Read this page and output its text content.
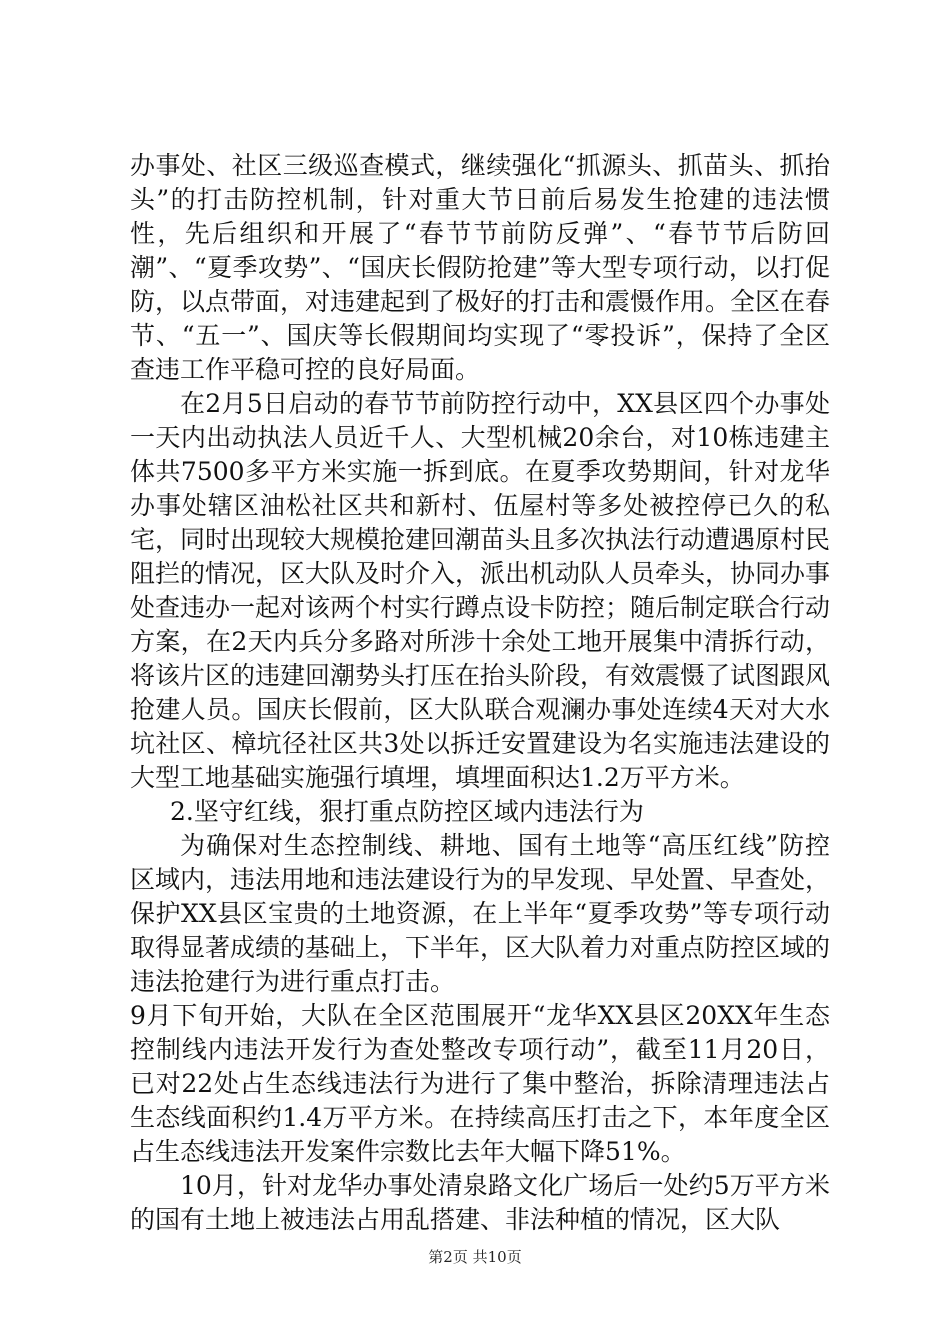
办事处、社区三级巡查模式，继续强化“抓源头、抓苗头、抓抬头”的打击防控机制，针对重大节日前后易发生抢建的违法惯性，先后组织和开展了“春节节前防反弹”、“春节节后防回潮”、“夏季攻势”、“国庆长假防抢建”等大型专项行动，以打促防，以点带面，对违建起到了极好的打击和震慑作用。全区在春节、“五一”、国庆等长假期间均实现了“零投诉”，保持了全区查违工作平稳可控的良好局面。

在2月5日启动的春节节前防控行动中，XX县区四个办事处一天内出动执法人员近千人、大型机械20余台，对10栋违建主体共7500多平方米实施一拆到底。在夏季攻势期间，针对龙华办事处辖区油松社区共和新村、伍屋村等多处被控停已久的私宅，同时出现较大规模抢建回潮苗头且多次执法行动遭遇原村民阻拦的情况，区大队及时介入，派出机动队人员牵头，协同办事处查违办一起对该两个村实行蹲点设卡防控；随后制定联合行动方案，在2天内兵分多路对所涉十余处工地开展集中清拆行动，将该片区的违建回潮势头打压在抬头阶段，有效震慑了试图跟风抢建人员。国庆长假前，区大队联合观澜办事处连续4天对大水坑社区、樟坑径社区共3处以拆迁安置建设为名实施违法建设的大型工地基础实施强行填埋，填埋面积达1.2万平方米。

2.坚守红线，狠打重点防控区域内违法行为

为确保对生态控制线、耕地、国有土地等“高压红线”防控区域内，违法用地和违法建设行为的早发现、早处置、早查处，保护XX县区宝贵的土地资源，在上半年“夏季攻势”等专项行动取得显著成绩的基础上，下半年，区大队着力对重点防控区域的违法抢建行为进行重点打击。

9月下旬开始，大队在全区范围展开“龙华XX县区20XX年生态控制线内违法开发行为查处整改专项行动”，截至11月20日，已对22处占生态线违法行为进行了集中整治，拆除清理违法占生态线面积约1.4万平方米。在持续高压打击之下，本年度全区占生态线违法开发案件宗数比去年大幅下降51%。

10月，针对龙华办事处清泉路文化广场后一处约5万平方米的国有土地上被违法占用乱搭建、非法种植的情况，区大队

第2页 共10页
